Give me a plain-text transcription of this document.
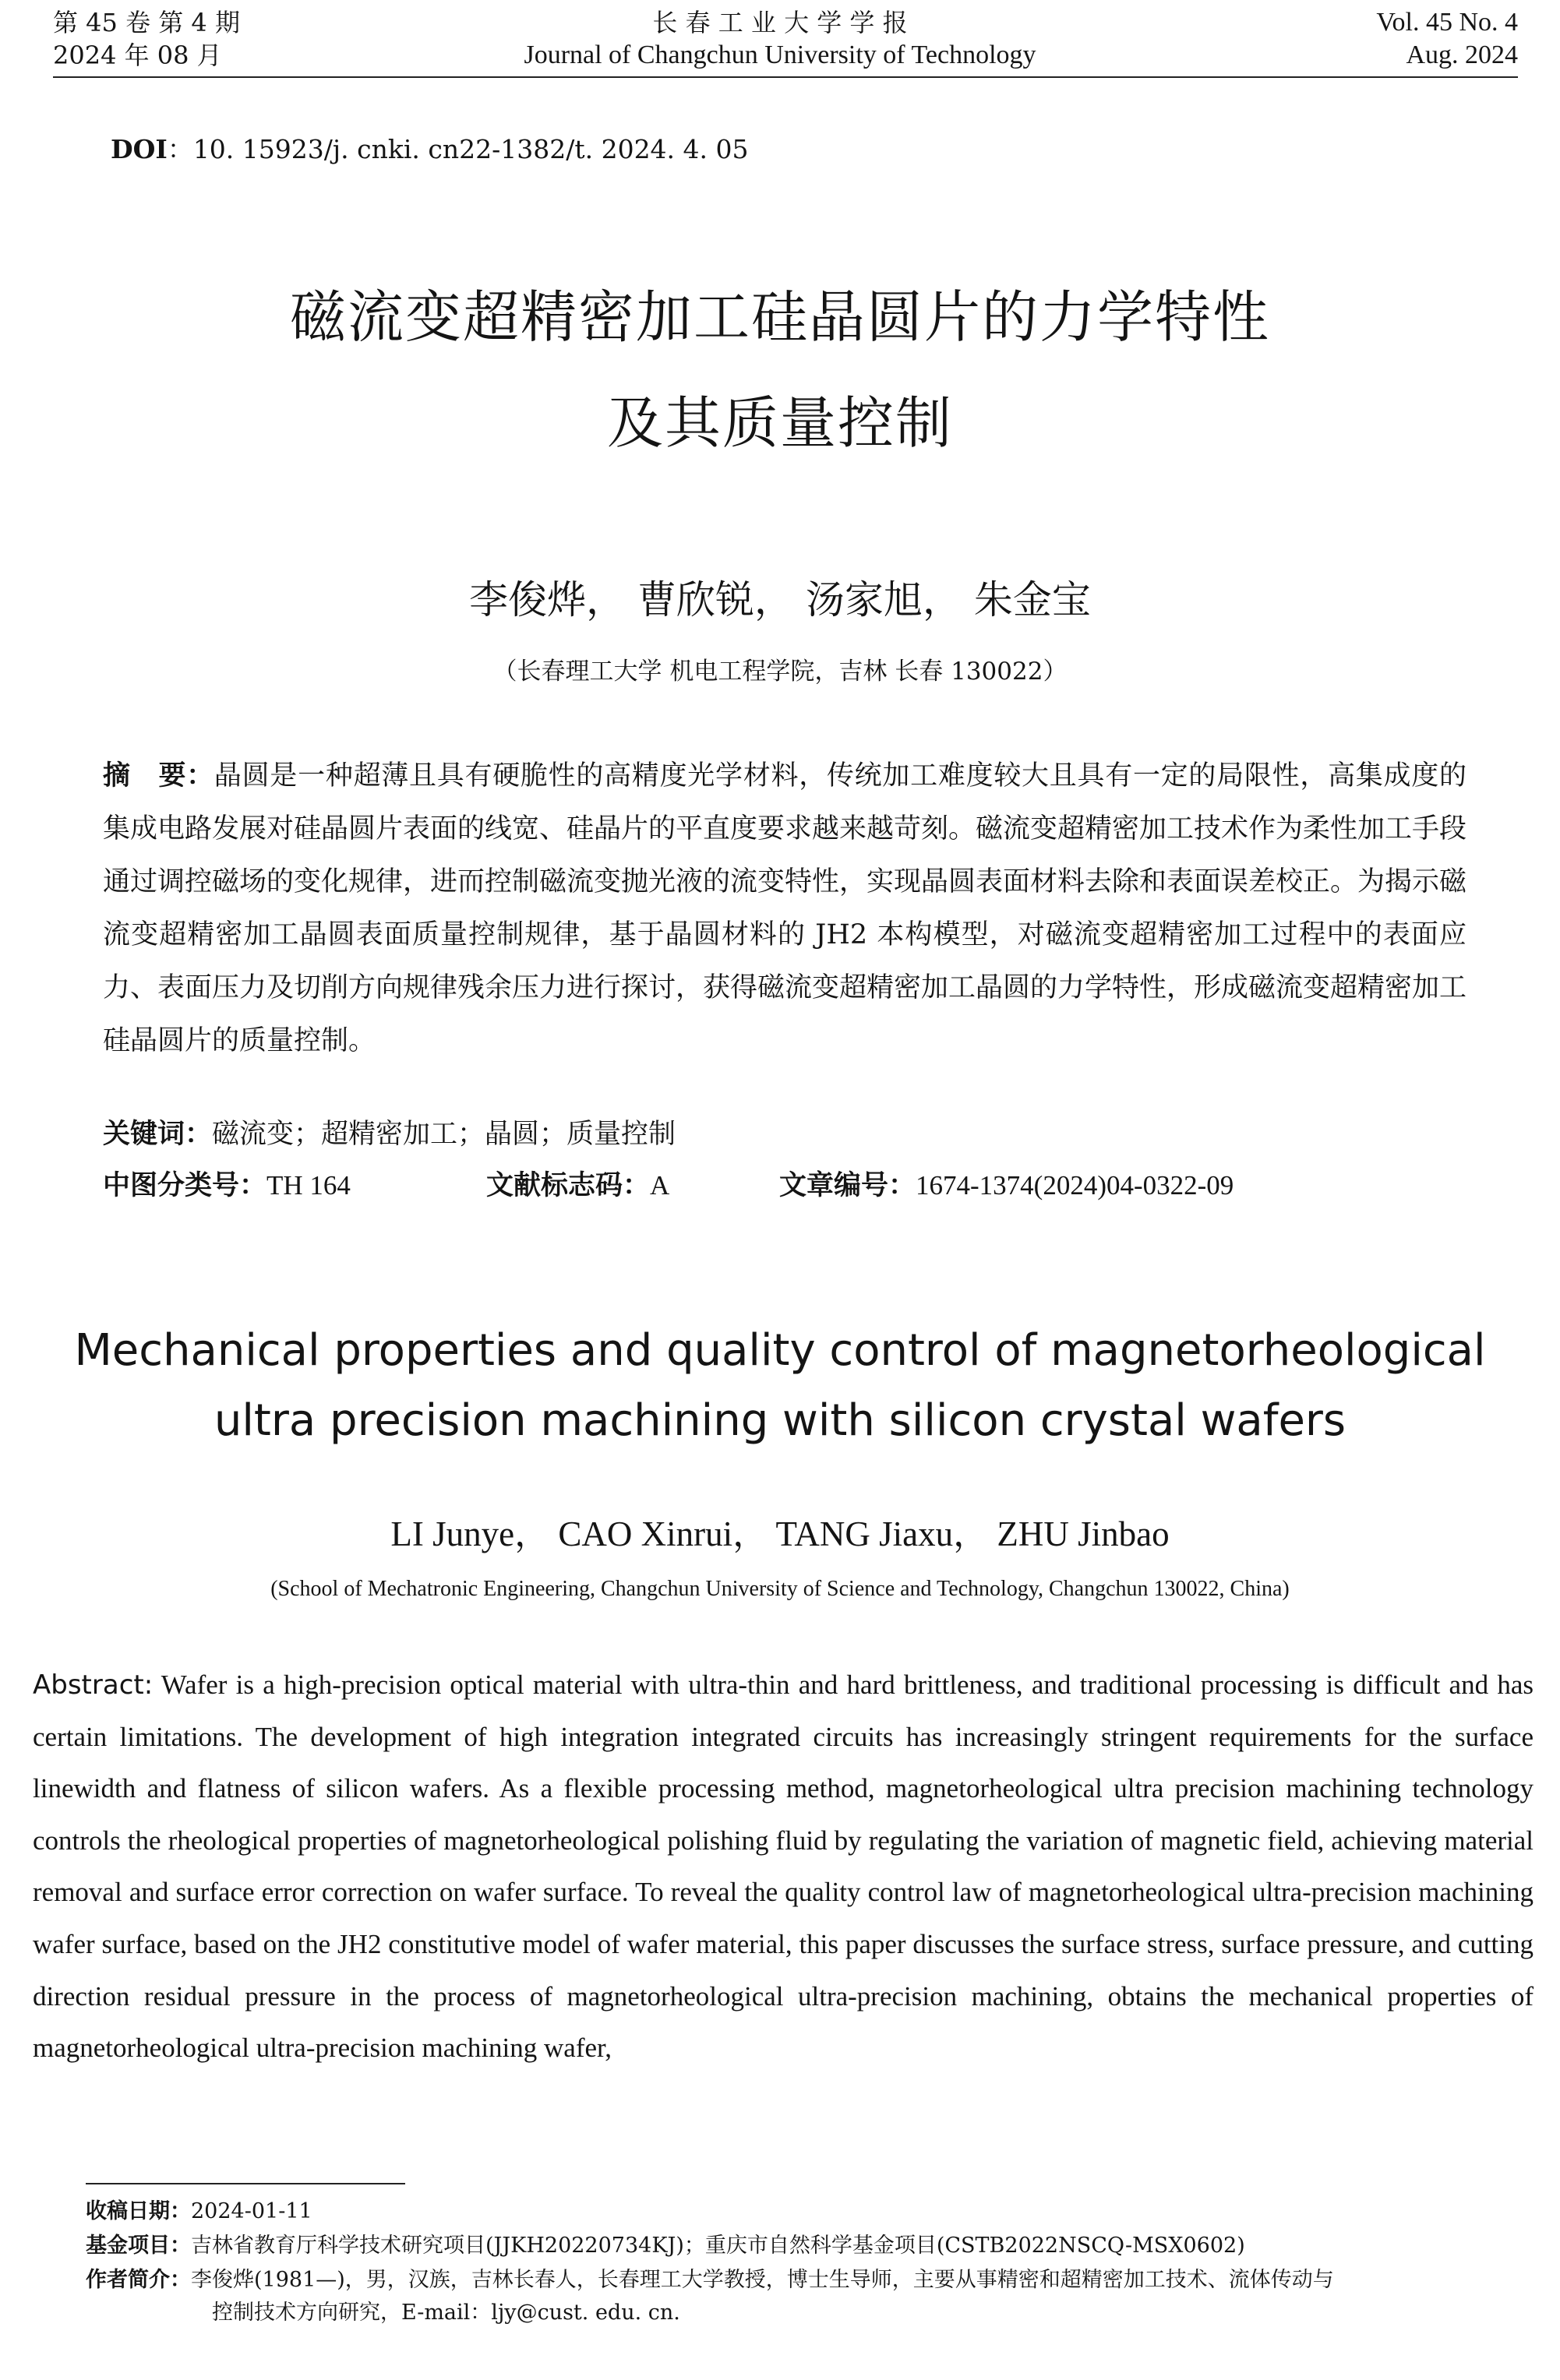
第 45 卷 第 4 期
2024 年 08 月
长 春 工 业 大 学 学 报
Journal of Changchun University of Technology
Vol. 45 No. 4
Aug. 2024
DOI：10. 15923/j. cnki. cn22-1382/t. 2024. 4. 05
磁流变超精密加工硅晶圆片的力学特性
及其质量控制
李俊烨， 曹欣锐， 汤家旭， 朱金宝
（长春理工大学 机电工程学院，吉林 长春 130022）
摘　要：晶圆是一种超薄且具有硬脆性的高精度光学材料，传统加工难度较大且具有一定的局限性，高集成度的集成电路发展对硅晶圆片表面的线宽、硅晶片的平直度要求越来越苛刻。磁流变超精密加工技术作为柔性加工手段通过调控磁场的变化规律，进而控制磁流变抛光液的流变特性，实现晶圆表面材料去除和表面误差校正。为揭示磁流变超精密加工晶圆表面质量控制规律，基于晶圆材料的 JH2 本构模型，对磁流变超精密加工过程中的表面应力、表面压力及切削方向规律残余压力进行探讨，获得磁流变超精密加工晶圆的力学特性，形成磁流变超精密加工硅晶圆片的质量控制。
关键词：磁流变；超精密加工；晶圆；质量控制
中图分类号：TH 164	文献标志码：A	文章编号：1674-1374(2024)04-0322-09
Mechanical properties and quality control of magnetorheological
ultra precision machining with silicon crystal wafers
LI Junye， CAO Xinrui， TANG Jiaxu， ZHU Jinbao
(School of Mechatronic Engineering, Changchun University of Science and Technology, Changchun 130022, China)
Abstract: Wafer is a high-precision optical material with ultra-thin and hard brittleness, and traditional processing is difficult and has certain limitations. The development of high integration integrated circuits has increasingly stringent requirements for the surface linewidth and flatness of silicon wafers. As a flexible processing method, magnetorheological ultra precision machining technology controls the rheological properties of magnetorheological polishing fluid by regulating the variation of magnetic field, achieving material removal and surface error correction on wafer surface. To reveal the quality control law of magnetorheological ultra-precision machining wafer surface, based on the JH2 constitutive model of wafer material, this paper discusses the surface stress, surface pressure, and cutting direction residual pressure in the process of magnetorheological ultra-precision machining, obtains the mechanical properties of magnetorheological ultra-precision machining wafer,
收稿日期：2024-01-11
基金项目：吉林省教育厅科学技术研究项目(JJKH20220734KJ)；重庆市自然科学基金项目(CSTB2022NSCQ-MSX0602)
作者简介：李俊烨(1981—)，男，汉族，吉林长春人，长春理工大学教授，博士生导师，主要从事精密和超精密加工技术、流体传动与
控制技术方向研究，E-mail：ljy@cust. edu. cn.
